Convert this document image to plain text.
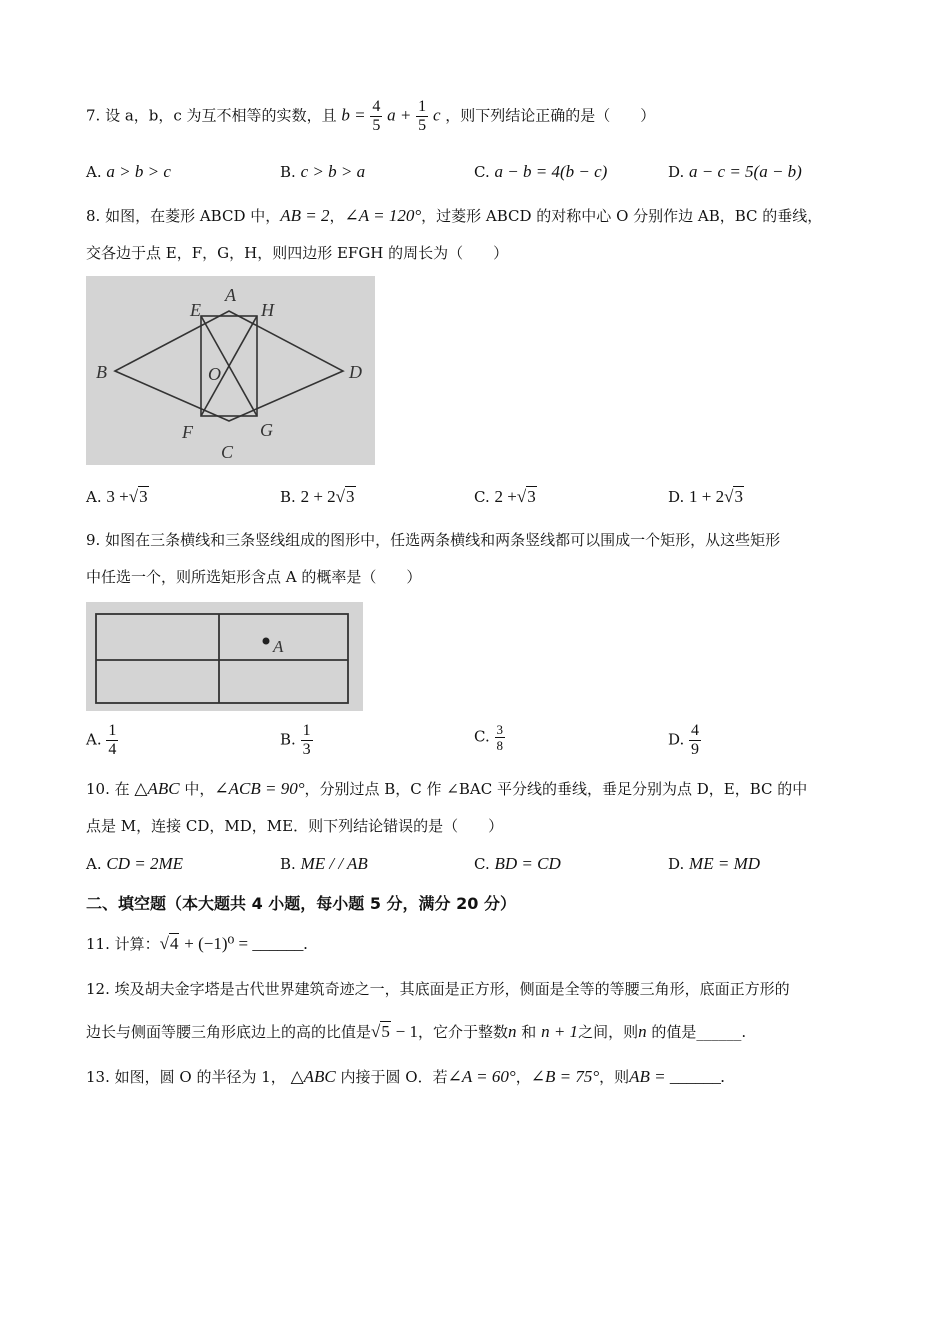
7. 设 a，b，c 为互不相等的实数，且 $b = \frac{4}{5}$ $a + \frac{1}{5}$ c ，则下列结论正确的是（　　）
A. a > b > c	B. c > b > a	C. a − b = 4(b − c)	D. a − c = 5(a − b)
8. 如图，在菱形 ABCD 中，AB = 2，∠A = 120°，过菱形 ABCD 的对称中心 O 分别作边 AB，BC 的垂线，
交各边于点 E，F，G，H，则四边形 EFGH 的周长为（　　）
A
E	H
B	O	D
F
C
G
A. 3 +√3	B. 2 + 2√3	C. 2 +√3	D. 1 + 2√3
9. 如图在三条横线和三条竖线组成的图形中，任选两条横线和两条竖线都可以围成一个矩形，从这些矩形
中任选一个，则所选矩形含点 A 的概率是（　　）
A
A. $\frac{1}{4}$	B. $\frac{1}{3}$	C. $\frac{3}{8}$	D. $\frac{4}{9}$
10. 在 △ABC 中，∠ACB = 90°，分别过点 B，C 作 ∠BAC 平分线的垂线，垂足分别为点 D，E，BC 的中
点是 M，连接 CD，MD，ME．则下列结论错误的是（　　）
A. CD = 2ME	B. ME / / AB	C. BD = CD	D. ME = MD
二、填空题（本大题共 4 小题，每小题 5 分，满分 20 分）
11. 计算：√4 + (−1)⁰ = ______.
12. 埃及胡夫金字塔是古代世界建筑奇迹之一，其底面是正方形，侧面是全等的等腰三角形，底面正方形的
边长与侧面等腰三角形底边上的高的比值是√5 − 1，它介于整数n 和 n + 1之间，则n 的值是______.
13. 如图，圆 O 的半径为 1， △ABC 内接于圆 O．若∠A = 60°，∠B = 75°，则AB = ______.
